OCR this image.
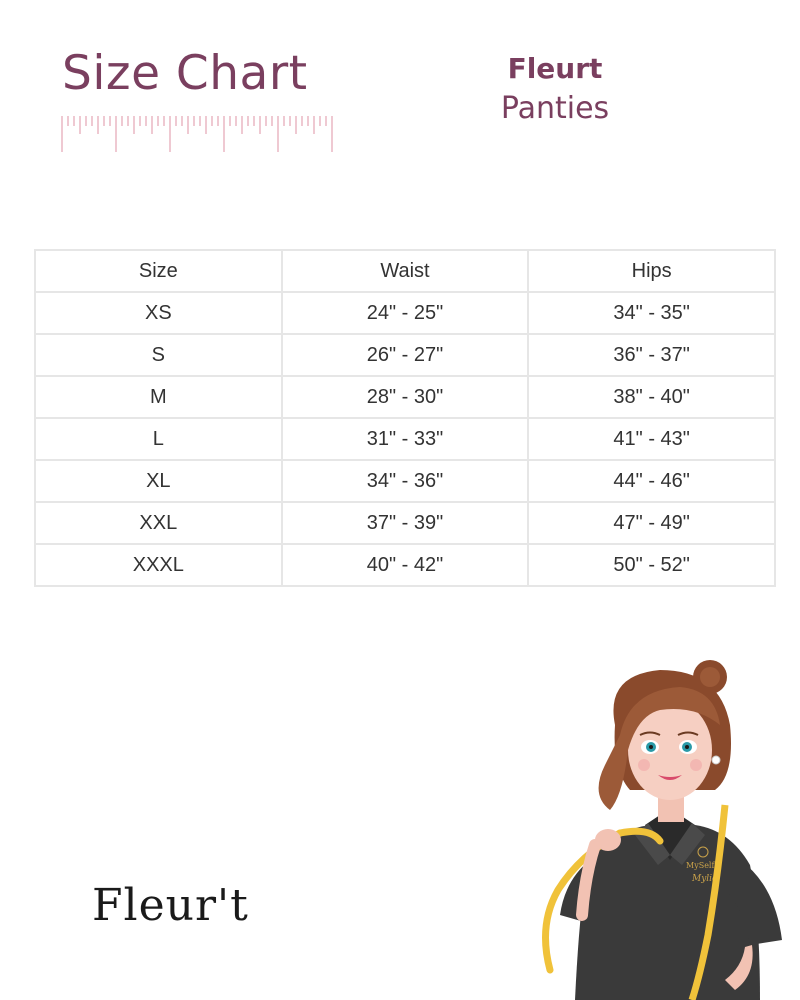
Size Chart	Fleurt
Panties
Size	Waist	Hips
XS	24" - 25"	34" - 35"
S	26" - 27"	36" - 37"
M	28" - 30"	38" - 40"
L	31" - 33"	41" - 43"
XL	34" - 36"	44" - 46"
XXL	37" - 39"	47" - 49"
XXXL	40" - 42"	50" - 52"
Fleur't
MySelf
Mylie
